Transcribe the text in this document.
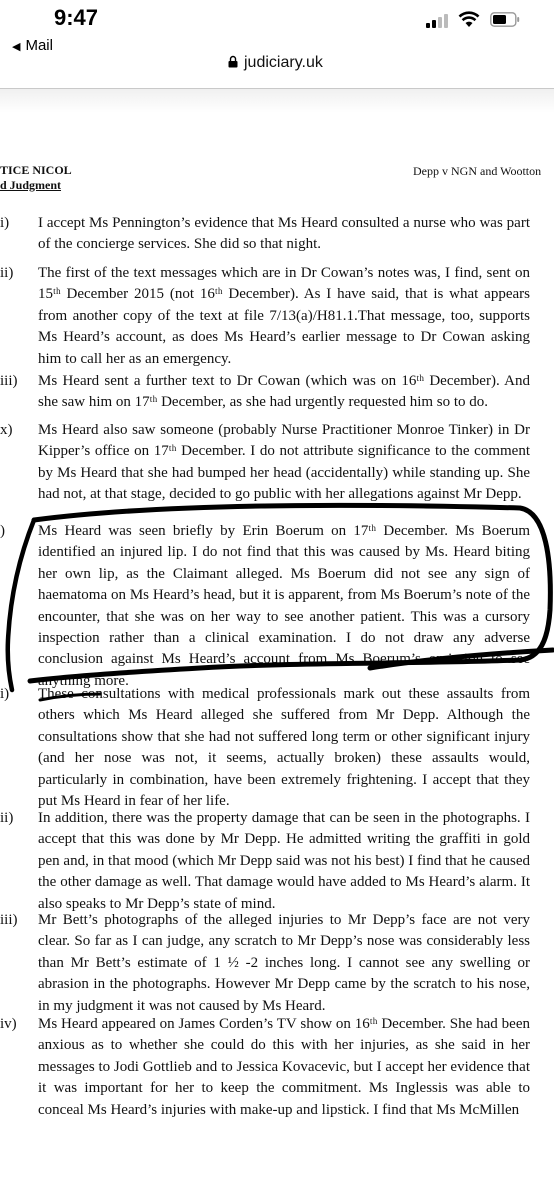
9:47
◀ Mail
judiciary.uk
TICE NICOL
d Judgment
Depp v NGN and Wootton
i) I accept Ms Pennington’s evidence that Ms Heard consulted a nurse who was part of the concierge services. She did so that night.

ii) The first of the text messages which are in Dr Cowan’s notes was, I find, sent on 15ᵗʰ December 2015 (not 16ᵗʰ December). As I have said, that is what appears from another copy of the text at file 7/13(a)/H81.1.That message, too, supports Ms Heard’s account, as does Ms Heard’s earlier message to Dr Cowan asking him to call her as an emergency.

iii) Ms Heard sent a further text to Dr Cowan (which was on 16ᵗʰ December). And she saw him on 17ᵗʰ December, as she had urgently requested him so to do.

x) Ms Heard also saw someone (probably Nurse Practitioner Monroe Tinker) in Dr Kipper’s office on 17ᵗʰ December. I do not attribute significance to the comment by Ms Heard that she had bumped her head (accidentally) while standing up. She had not, at that stage, decided to go public with her allegations against Mr Depp.

) Ms Heard was seen briefly by Erin Boerum on 17ᵗʰ December. Ms Boerum identified an injured lip. I do not find that this was caused by Ms. Heard biting her own lip, as the Claimant alleged. Ms Boerum did not see any sign of haematoma on Ms Heard’s head, but it is apparent, from Ms Boerum’s note of the encounter, that she was on her way to see another patient. This was a cursory inspection rather than a clinical examination. I do not draw any adverse conclusion against Ms Heard’s account from Ms Boerum’s omission to see anything more.

i) These consultations with medical professionals mark out these assaults from others which Ms Heard alleged she suffered from Mr Depp. Although the consultations show that she had not suffered long term or other significant injury (and her nose was not, it seems, actually broken) these assaults would, particularly in combination, have been extremely frightening. I accept that they put Ms Heard in fear of her life.

ii) In addition, there was the property damage that can be seen in the photographs. I accept that this was done by Mr Depp. He admitted writing the graffiti in gold pen and, in that mood (which Mr Depp said was not his best) I find that he caused the other damage as well. That damage would have added to Ms Heard’s alarm. It also speaks to Mr Depp’s state of mind.

iii) Mr Bett’s photographs of the alleged injuries to Mr Depp’s face are not very clear. So far as I can judge, any scratch to Mr Depp’s nose was considerably less than Mr Bett’s estimate of 1 ½ -2 inches long. I cannot see any swelling or abrasion in the photographs. However Mr Depp came by the scratch to his nose, in my judgment it was not caused by Ms Heard.

iv) Ms Heard appeared on James Corden’s TV show on 16ᵗʰ December. She had been anxious as to whether she could do this with her injuries, as she said in her messages to Jodi Gottlieb and to Jessica Kovacevic, but I accept her evidence that it was important for her to keep the commitment. Ms Inglessis was able to conceal Ms Heard’s injuries with make-up and lipstick. I find that Ms McMillen
